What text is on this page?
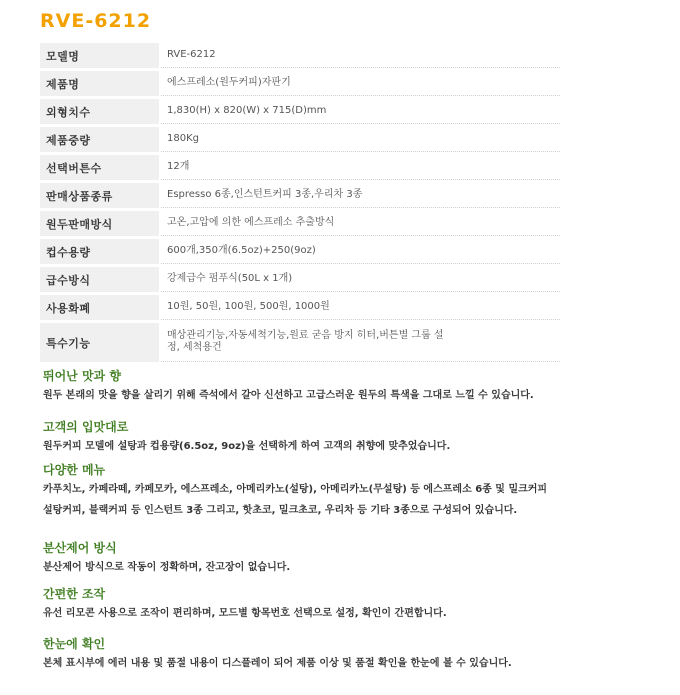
RVE-6212
모델명		RVE-6212
제품명		에스프레소(원두커피)자판기
외형치수		1,830(H) x 820(W) x 715(D)mm
제품중량		180Kg
선택버튼수		12개
판매상품종류		Espresso 6종,인스턴트커피 3종,우리차 3종
원두판매방식		고온,고압에 의한 에스프레소 추출방식
컵수용량		600개,350개(6.5oz)+250(9oz)
급수방식		강제급수 펌푸식(50L x 1개)
사용화폐		10원, 50원, 100원, 500원, 1000원
특수기능		매상관리기능,자동세척기능,원료 굳음 방지 히터,버튼별 그룹 설
정, 세척용건
뛰어난 맛과 향

원두 본래의 맛을 향을 살리기 위해 즉석에서 갈아 신선하고 고급스러운 원두의 특색을 그대로 느낄 수 있습니다.

고객의 입맛대로

원두커피 모델에 설탕과 컵용량(6.5oz, 9oz)을 선택하게 하여 고객의 취향에 맞추었습니다.

다양한 메뉴

카푸치노, 카페라떼, 카페모카, 에스프레소, 아메리카노(설탕), 아메리카노(무설탕) 등 에스프레소 6종 및 밀크커피

설탕커피, 블랙커피 등 인스턴트 3종 그리고, 핫초코, 밀크초코, 우리차 등 기타 3종으로 구성되어 있습니다.

분산제어 방식

분산제어 방식으로 작동이 정확하며, 잔고장이 없습니다.

간편한 조작

유선 리모콘 사용으로 조작이 편리하며, 모드별 항목번호 선택으로 설정, 확인이 간편합니다.

한눈에 확인

본체 표시부에 에러 내용 및 품절 내용이 디스플레이 되어 제품 이상 및 품절 확인을 한눈에 볼 수 있습니다.
